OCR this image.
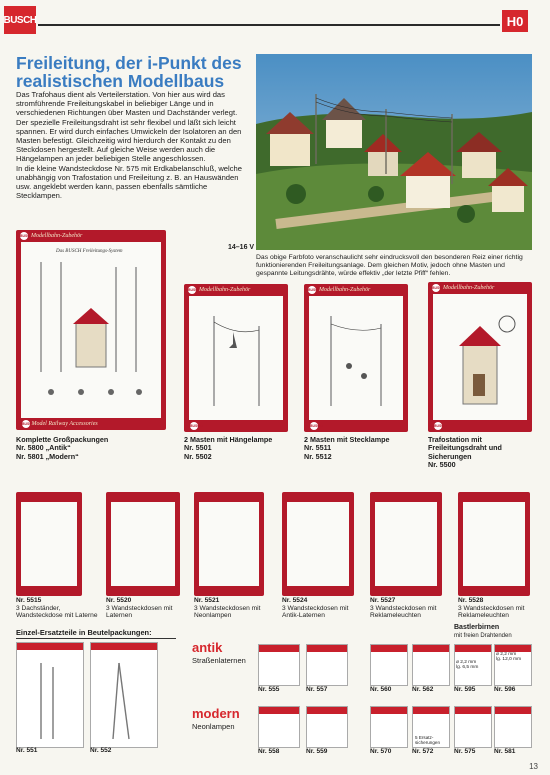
BUSCH	H0
Freileitung, der i-Punkt des realistischen Modellbaus

Das Trafohaus dient als Verteilerstation. Von hier aus wird das stromführende Freileitungskabel in beliebiger Länge und in verschiedenen Richtungen über Masten und Dachständer verlegt.

Der spezielle Freileitungsdraht ist sehr flexibel und läßt sich leicht spannen. Er wird durch einfaches Umwickeln der Isolatoren an den Masten befestigt. Gleichzeitig wird hierdurch der Kontakt zu den Steckdosen hergestellt. Auf gleiche Weise werden auch die Hängelampen an jeder beliebigen Stelle angeschlossen.

In die kleine Wandsteckdose Nr. 575 mit Erdkabelanschluß, welche unabhängig von Trafostation und Freileitung z. B. an Hauswänden usw. angeklebt werden kann, passen ebenfalls sämtliche Stecklampen.

14–16 V
Das obige Farbfoto veranschaulicht sehr eindrucksvoll den besonderen Reiz einer richtig funktionierenden Freileitungsanlage. Dem gleichen Motiv, jedoch ohne Masten und gespannte Leitungsdrähte, würde effektiv „der letzte Pfiff“ fehlen.
BUSCH
Modellbahn-Zubehör
Das BUSCH Freileitungs-System
BUSCH

Model Railway Accessories
BUSCH
Modellbahn-Zubehör
BUSCH
BUSCH
Modellbahn-Zubehör
BUSCH
BUSCH
Modellbahn-Zubehör
BUSCH
Komplette Großpackungen
Nr. 5800 „Antik“
Nr. 5801 „Modern“
2 Masten mit Hängelampe
Nr. 5501
Nr. 5502
2 Masten mit Stecklampe
Nr. 5511
Nr. 5512
Trafostation mit Freileitungsdraht und Sicherungen
Nr. 5500
Nr. 5515
3 Dachständer, Wandsteckdose mit Laterne
Nr. 5520
3 Wandsteckdosen mit Laternen
Nr. 5521
3 Wandsteckdosen mit Neonlampen
Nr. 5524
3 Wandsteckdosen mit Antik-Laternen
Nr. 5527
3 Wandsteckdosen mit Reklameleuchten
Nr. 5528
3 Wandsteckdosen mit Reklameleuchten
Einzel-Ersatzteile in Beutelpackungen:
Nr. 551	Nr. 552
antik
Straßenlaternen
modern
Neonlampen
Nr. 555	Nr. 557	Nr. 560	Nr. 562	Nr. 595	Nr. 596
Bastlerbirnen
mit freien Drahtenden
⌀ 2,2 mm
lg. 6,5 mm
⌀ 2,2 mm
lg. 12,0 mm
5 Ersatz-sicherungen
Nr. 558	Nr. 559	Nr. 570	Nr. 572	Nr. 575	Nr. 581
13
